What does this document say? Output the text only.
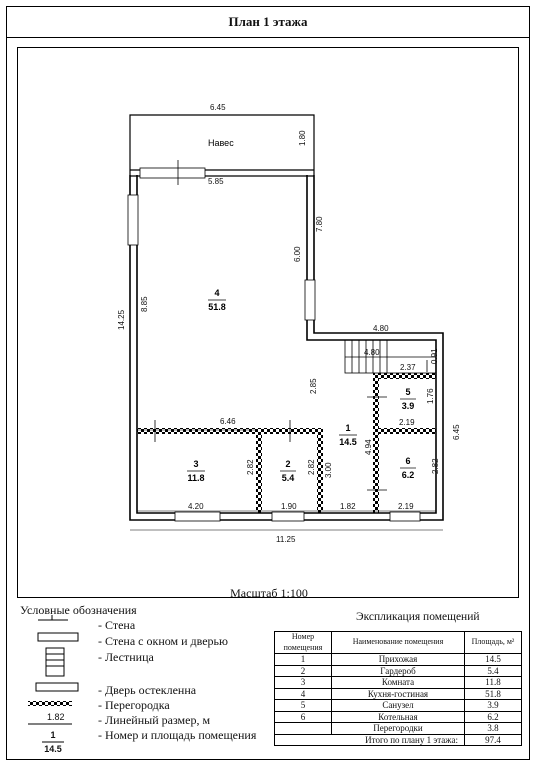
План 1 этажа
6.45
1.80
5.85
7.80
6.00
14.25
8.85
4.80
4.80
2.37
0.91
2.85
1.76
6.45
6.46	2.19
4.94
2.82	2.82 3.00	2.82
4.20	1.90	1.82	2.19
11.25
Навес
4
51.8
3
11.8
2
5.4
1
14.5
5
3.9
6
6.2
1.82
1
14.5
Масштаб 1:100
Условные обозначения
- Стена
- Стена с окном и дверью
- Лестница
- Дверь остекленна
- Перегородка
- Линейный размер, м
- Номер и площадь помещения
Экспликация помещений
Номер помещения	Наименование помещения	Площадь, м²
1	Прихожая	14.5
2	Гардероб	5.4
3	Комната	11.8
4	Кухня-гостиная	51.8
5	Санузел	3.9
6	Котельная	6.2
	Перегородки	3.8
Итого по плану 1 этажа:		97.4
